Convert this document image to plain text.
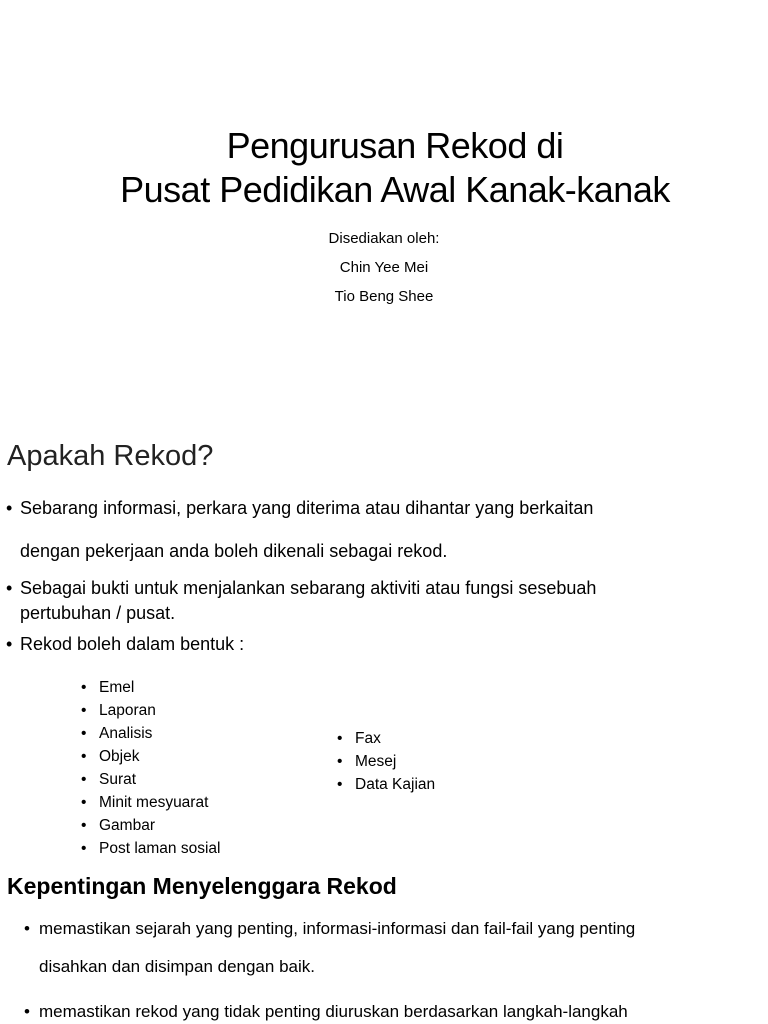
Pengurusan Rekod di
Pusat Pedidikan Awal Kanak-kanak
Disediakan oleh:
Chin Yee Mei
Tio Beng Shee
Apakah Rekod?
• Sebarang informasi, perkara yang diterima atau dihantar yang berkaitan
dengan pekerjaan anda boleh dikenali sebagai rekod.
• Sebagai bukti untuk menjalankan sebarang aktiviti atau fungsi sesebuah
pertubuhan / pusat.
• Rekod boleh dalam bentuk :
• Emel
• Laporan
• Analisis
• Objek
• Surat
• Minit mesyuarat
• Gambar
• Post laman sosial
• Fax
• Mesej
• Data Kajian
Kepentingan Menyelenggara Rekod
• memastikan sejarah yang penting, informasi-informasi dan fail-fail yang penting
disahkan dan disimpan dengan baik.
• memastikan rekod yang tidak penting diuruskan berdasarkan langkah-langkah
